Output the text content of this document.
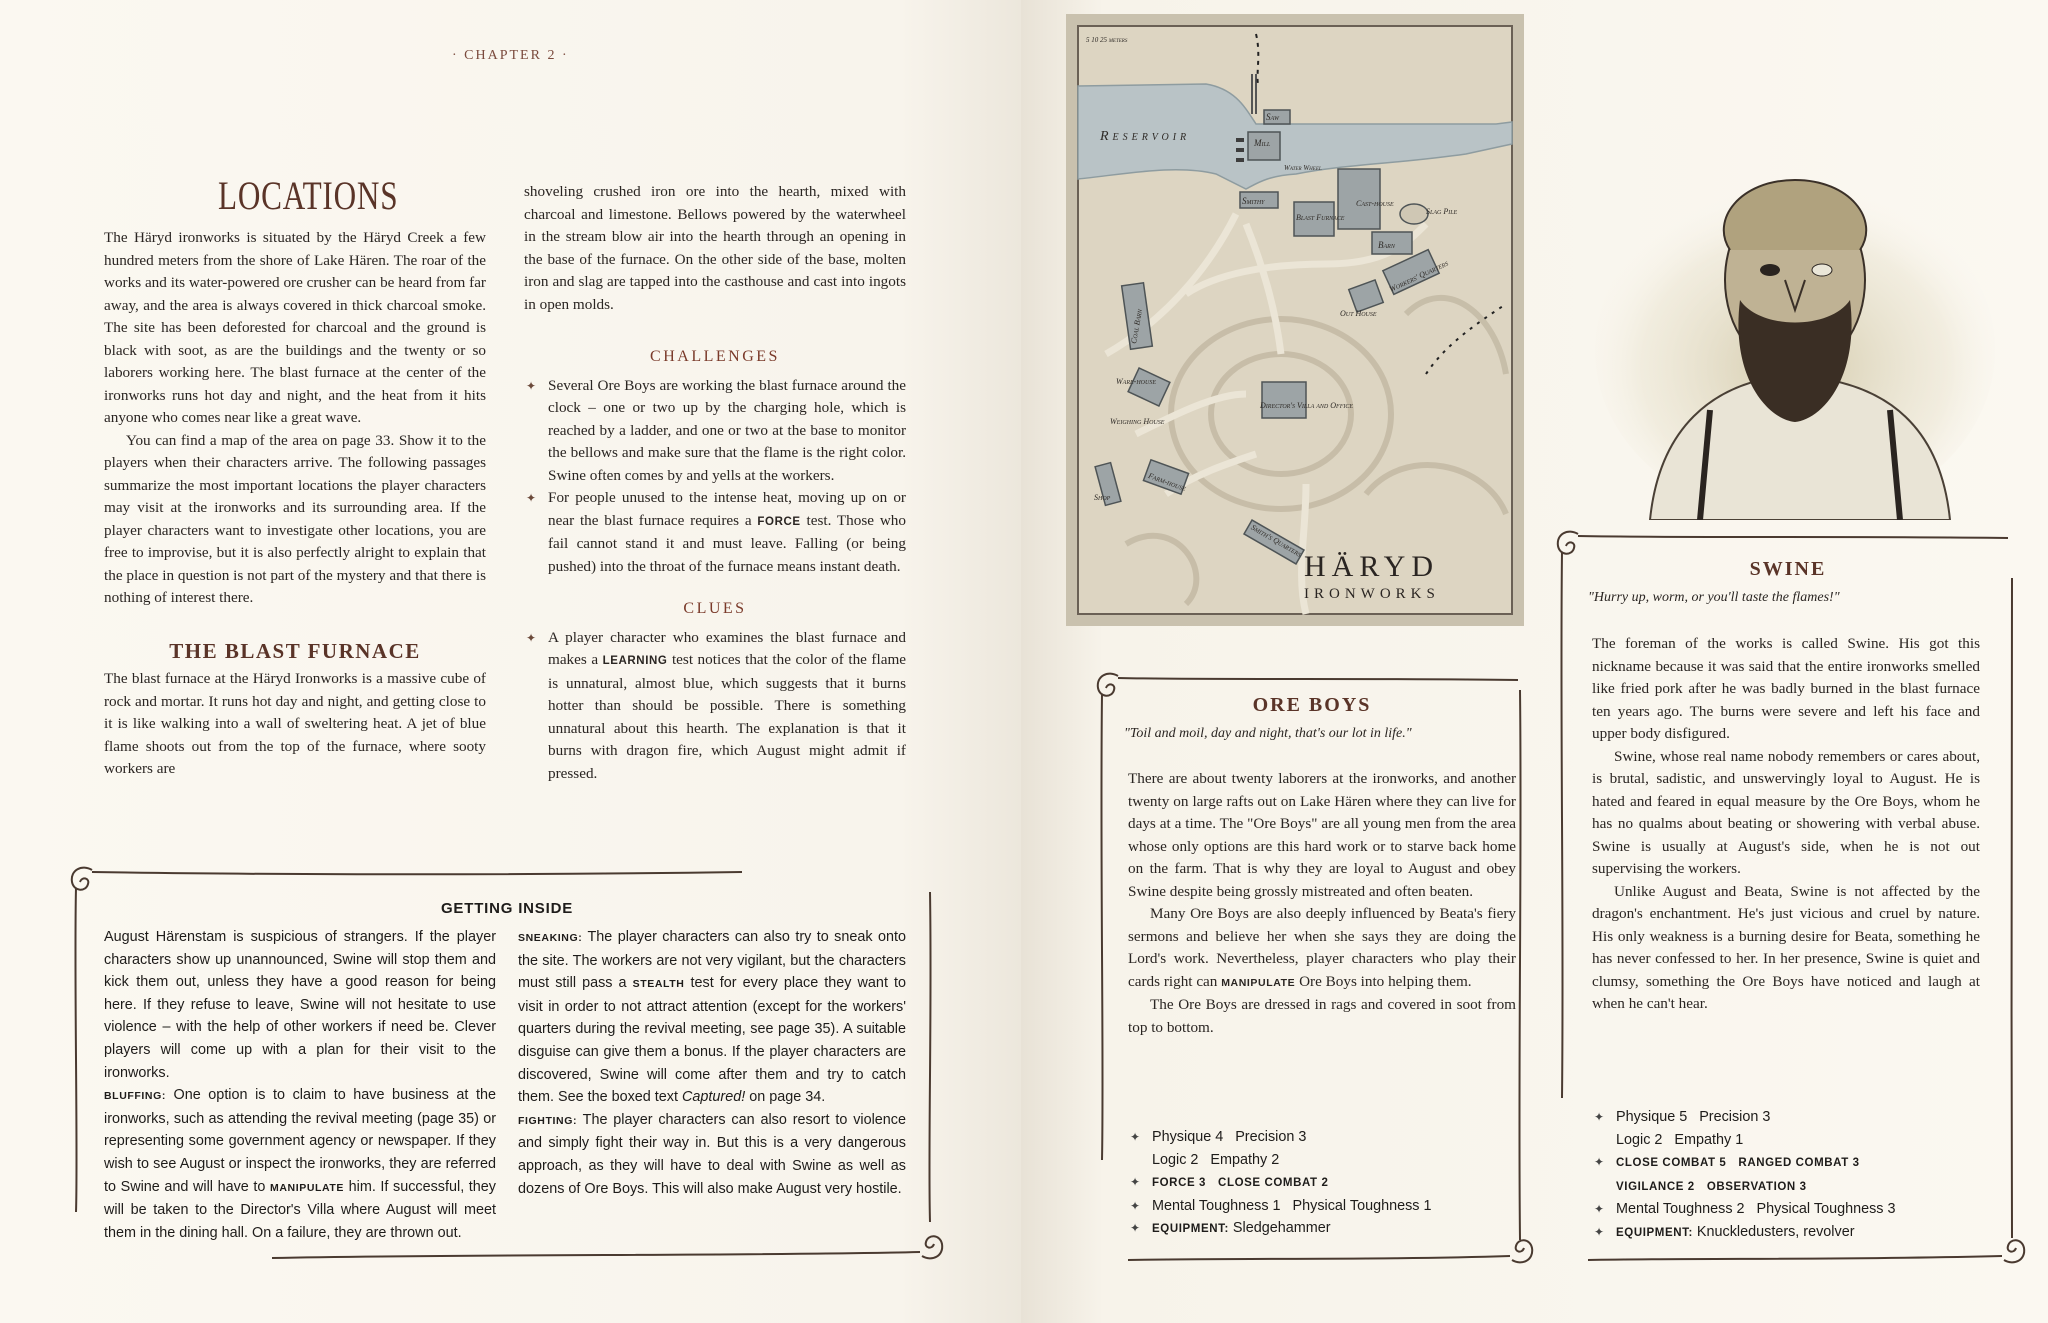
· CHAPTER 2 ·
LOCATIONS

The Häryd ironworks is situated by the Häryd Creek a few hundred meters from the shore of Lake Hären. The roar of the works and its water-powered ore crusher can be heard from far away, and the area is always covered in thick charcoal smoke. The site has been deforested for charcoal and the ground is black with soot, as are the buildings and the twenty or so laborers working here. The blast furnace at the center of the ironworks runs hot day and night, and the heat from it hits anyone who comes near like a great wave.

You can find a map of the area on page 33. Show it to the players when their characters arrive. The following passages summarize the most important locations the player characters may visit at the ironworks and its surrounding area. If the player characters want to investigate other locations, you are free to improvise, but it is also perfectly alright to explain that the place in question is not part of the mystery and that there is nothing of interest there.

THE BLAST FURNACE

The blast furnace at the Häryd Ironworks is a massive cube of rock and mortar. It runs hot day and night, and getting close to it is like walking into a wall of sweltering heat. A jet of blue flame shoots out from the top of the furnace, where sooty workers are

shoveling crushed iron ore into the hearth, mixed with charcoal and limestone. Bellows powered by the waterwheel in the stream blow air into the hearth through an opening in the base of the furnace. On the other side of the base, molten iron and slag are tapped into the casthouse and cast into ingots in open molds.

CHALLENGES
✦ Several Ore Boys are working the blast furnace around the clock – one or two up by the charging hole, which is reached by a ladder, and one or two at the base to monitor the bellows and make sure that the flame is the right color. Swine often comes by and yells at the workers.
✦ For people unused to the intense heat, moving up on or near the blast furnace requires a FORCE test. Those who fail cannot stand it and must leave. Falling (or being pushed) into the throat of the furnace means instant death.
CLUES
✦ A player character who examines the blast furnace and makes a LEARNING test notices that the color of the flame is unnatural, almost blue, which suggests that it burns hotter than should be possible. There is something unnatural about this hearth. The explanation is that it burns with dragon fire, which August might admit if pressed.
GETTING INSIDE

August Härenstam is suspicious of strangers. If the player characters show up unannounced, Swine will stop them and kick them out, unless they have a good reason for being here. If they refuse to leave, Swine will not hesitate to use violence – with the help of other workers if need be. Clever players will come up with a plan for their visit to the ironworks.

BLUFFING: One option is to claim to have business at the ironworks, such as attending the revival meeting (page 35) or representing some government agency or newspaper. If they wish to see August or inspect the ironworks, they are referred to Swine and will have to MANIPULATE him. If successful, they will be taken to the Director's Villa where August will meet them in the dining hall. On a failure, they are thrown out.

SNEAKING: The player characters can also try to sneak onto the site. The workers are not very vigilant, but the characters must still pass a STEALTH test for every place they want to visit in order to not attract attention (except for the workers' quarters during the revival meeting, see page 35). A suitable disguise can give them a bonus. If the player characters are discovered, Swine will come after them and try to catch them. See the boxed text Captured! on page 34.

FIGHTING: The player characters can also resort to violence and simply fight their way in. But this is a very dangerous approach, as they will have to deal with Swine as well as dozens of Ore Boys. This will also make August very hostile.

5 10 25 meters
Reservoir
Saw
Mill
Water Wheel
Smithy
Blast Furnace
Cast-house
Slag Pile
Barn
Workers' Quarters
Out House
Coal Barn
Ware-house
Weighing House
Director's Villa and Office
Farm-house
Shop
Smith's Quarters
HÄRYD
IRONWORKS
ORE BOYS
"Toil and moil, day and night, that's our lot in life."

There are about twenty laborers at the ironworks, and another twenty on large rafts out on Lake Hären where they can live for days at a time. The "Ore Boys" are all young men from the area whose only options are this hard work or to starve back home on the farm. That is why they are loyal to August and obey Swine despite being grossly mistreated and often beaten.

Many Ore Boys are also deeply influenced by Beata's fiery sermons and believe her when she says they are doing the Lord's work. Nevertheless, player characters who play their cards right can MANIPULATE Ore Boys into helping them.

The Ore Boys are dressed in rags and covered in soot from top to bottom.

✦ Physique 4 Precision 3
Logic 2 Empathy 2
✦ FORCE 3 CLOSE COMBAT 2
✦ Mental Toughness 1 Physical Toughness 1
✦ EQUIPMENT: Sledgehammer
SWINE
"Hurry up, worm, or you'll taste the flames!"

The foreman of the works is called Swine. His got this nickname because it was said that the entire ironworks smelled like fried pork after he was badly burned in the blast furnace ten years ago. The burns were severe and left his face and upper body disfigured.

Swine, whose real name nobody remembers or cares about, is brutal, sadistic, and unswervingly loyal to August. He is hated and feared in equal measure by the Ore Boys, whom he has no qualms about beating or showering with verbal abuse. Swine is usually at August's side, when he is not out supervising the workers.

Unlike August and Beata, Swine is not affected by the dragon's enchantment. He's just vicious and cruel by nature. His only weakness is a burning desire for Beata, something he has never confessed to her. In her presence, Swine is quiet and clumsy, something the Ore Boys have noticed and laugh at when he can't hear.

✦ Physique 5 Precision 3
Logic 2 Empathy 1
✦ CLOSE COMBAT 5 RANGED COMBAT 3
VIGILANCE 2 OBSERVATION 3
✦ Mental Toughness 2 Physical Toughness 3
✦ EQUIPMENT: Knuckledusters, revolver
